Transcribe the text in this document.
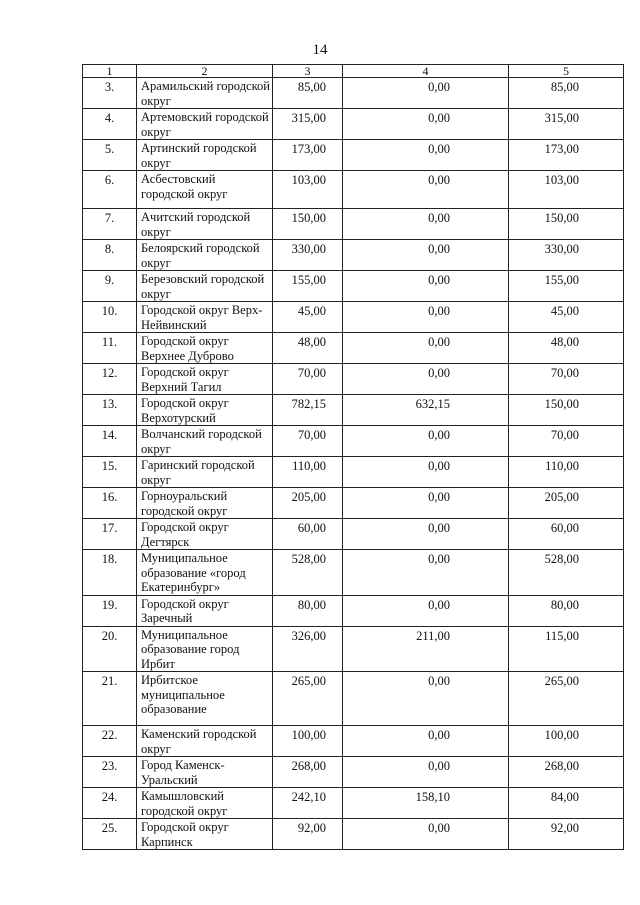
14
1	2	3	4	5
3.	Арамильский городской округ	85,00	0,00	85,00
4.	Артемовский городской округ	315,00	0,00	315,00
5.	Артинский городской округ	173,00	0,00	173,00
6.	Асбестовский городской округ	103,00	0,00	103,00
7.	Ачитский городской округ	150,00	0,00	150,00
8.	Белоярский городской округ	330,00	0,00	330,00
9.	Березовский городской округ	155,00	0,00	155,00
10.	Городской округ Верх-Нейвинский	45,00	0,00	45,00
11.	Городской округ Верхнее Дуброво	48,00	0,00	48,00
12.	Городской округ Верхний Тагил	70,00	0,00	70,00
13.	Городской округ Верхотурский	782,15	632,15	150,00
14.	Волчанский городской округ	70,00	0,00	70,00
15.	Гаринский городской округ	110,00	0,00	110,00
16.	Горноуральский городской округ	205,00	0,00	205,00
17.	Городской округ Дегтярск	60,00	0,00	60,00
18.	Муниципальное образование «город Екатеринбург»	528,00	0,00	528,00
19.	Городской округ Заречный	80,00	0,00	80,00
20.	Муниципальное образование город Ирбит	326,00	211,00	115,00
21.	Ирбитское муниципальное образование	265,00	0,00	265,00
22.	Каменский городской округ	100,00	0,00	100,00
23.	Город Каменск-Уральский	268,00	0,00	268,00
24.	Камышловский городской округ	242,10	158,10	84,00
25.	Городской округ Карпинск	92,00	0,00	92,00
